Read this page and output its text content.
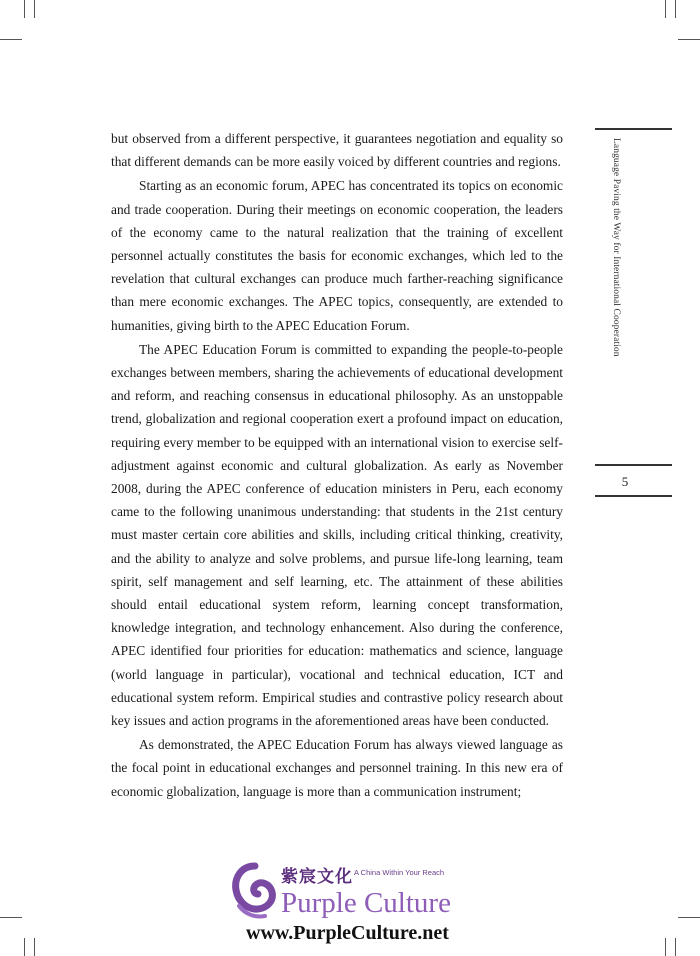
but observed from a different perspective, it guarantees negotiation and equality so that different demands can be more easily voiced by different countries and regions.

Starting as an economic forum, APEC has concentrated its topics on economic and trade cooperation. During their meetings on economic cooperation, the leaders of the economy came to the natural realization that the training of excellent personnel actually constitutes the basis for economic exchanges, which led to the revelation that cultural exchanges can produce much farther-reaching significance than mere economic exchanges. The APEC topics, consequently, are extended to humanities, giving birth to the APEC Education Forum.

The APEC Education Forum is committed to expanding the people-to-people exchanges between members, sharing the achievements of educational development and reform, and reaching consensus in educational philosophy. As an unstoppable trend, globalization and regional cooperation exert a profound impact on education, requiring every member to be equipped with an international vision to exercise self-adjustment against economic and cultural globalization. As early as November 2008, during the APEC conference of education ministers in Peru, each economy came to the following unanimous understanding: that students in the 21st century must master certain core abilities and skills, including critical thinking, creativity, and the ability to analyze and solve problems, and pursue life-long learning, team spirit, self management and self learning, etc. The attainment of these abilities should entail educational system reform, learning concept transformation, knowledge integration, and technology enhancement. Also during the conference, APEC identified four priorities for education: mathematics and science, language (world language in particular), vocational and technical education, ICT and educational system reform. Empirical studies and contrastive policy research about key issues and action programs in the aforementioned areas have been conducted.

As demonstrated, the APEC Education Forum has always viewed language as the focal point in educational exchanges and personnel training. In this new era of economic globalization, language is more than a communication instrument;

Language Paving the Way for International Cooperation
5
紫宸文化 A China Within Your Reach
Purple Culture
www.PurpleCulture.net
